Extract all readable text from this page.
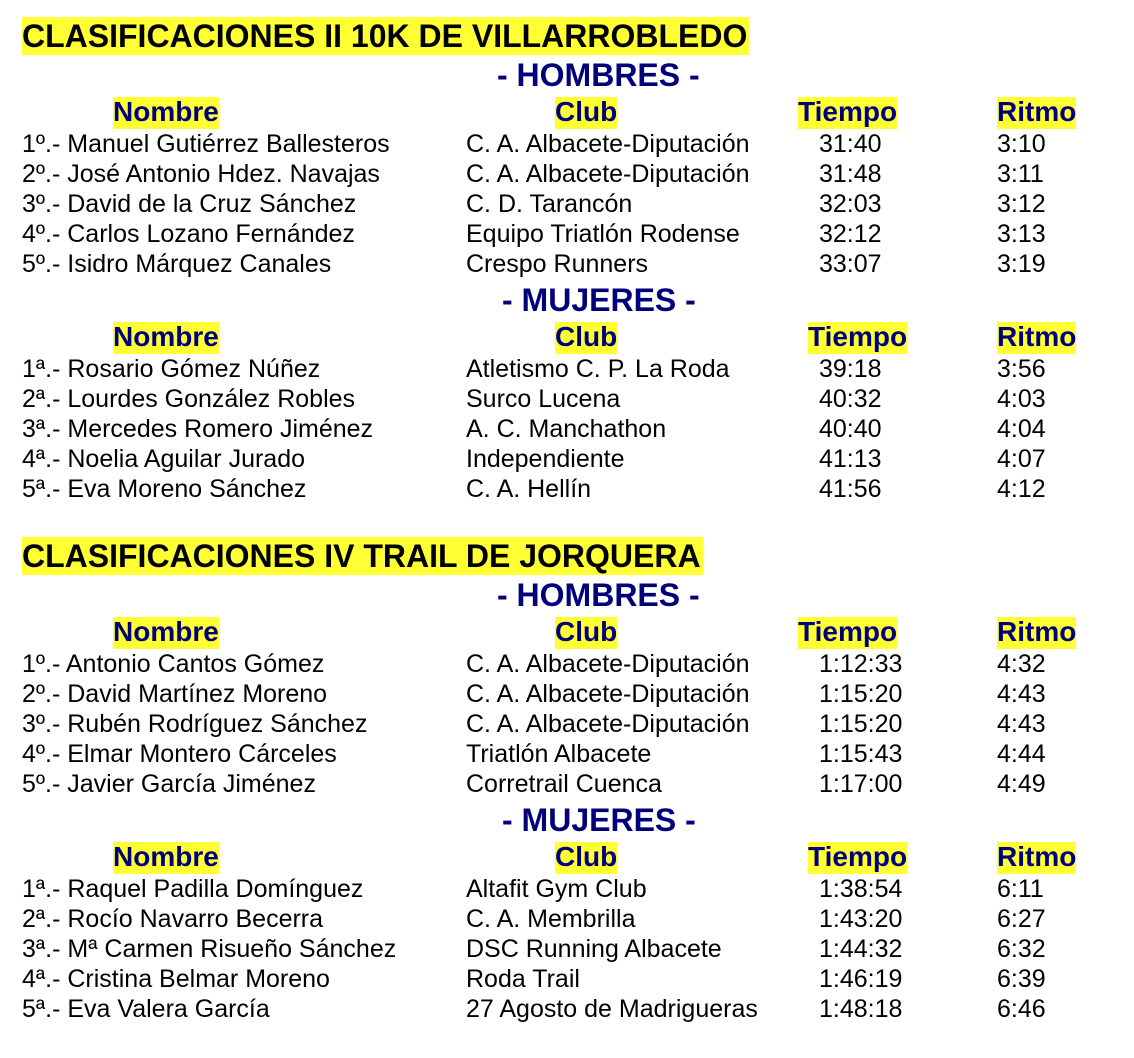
CLASIFICACIONES II 10K DE VILLARROBLEDO
- HOMBRES -
Nombre	Club	Tiempo	Ritmo
1º.- Manuel Gutiérrez Ballesteros	C. A. Albacete-Diputación	31:40	3:10
2º.- José Antonio Hdez. Navajas	C. A. Albacete-Diputación	31:48	3:11
3º.- David de la Cruz Sánchez	C. D. Tarancón	32:03	3:12
4º.- Carlos Lozano Fernández	Equipo Triatlón Rodense	32:12	3:13
5º.- Isidro Márquez Canales	Crespo Runners	33:07	3:19
- MUJERES -
Nombre	Club	Tiempo	Ritmo
1ª.- Rosario Gómez Núñez	Atletismo C. P. La Roda	39:18	3:56
2ª.- Lourdes González Robles	Surco Lucena	40:32	4:03
3ª.- Mercedes Romero Jiménez	A. C. Manchathon	40:40	4:04
4ª.- Noelia Aguilar Jurado	Independiente	41:13	4:07
5ª.- Eva Moreno Sánchez	C. A. Hellín	41:56	4:12
CLASIFICACIONES IV TRAIL DE JORQUERA
- HOMBRES -
Nombre	Club	Tiempo	Ritmo
1º.- Antonio Cantos Gómez	C. A. Albacete-Diputación	1:12:33	4:32
2º.- David Martínez Moreno	C. A. Albacete-Diputación	1:15:20	4:43
3º.- Rubén Rodríguez Sánchez	C. A. Albacete-Diputación	1:15:20	4:43
4º.- Elmar Montero Cárceles	Triatlón Albacete	1:15:43	4:44
5º.- Javier García Jiménez	Corretrail Cuenca	1:17:00	4:49
- MUJERES -
Nombre	Club	Tiempo	Ritmo
1ª.- Raquel Padilla Domínguez	Altafit Gym Club	1:38:54	6:11
2ª.- Rocío Navarro Becerra	C. A. Membrilla	1:43:20	6:27
3ª.- Mª Carmen Risueño Sánchez	DSC Running Albacete	1:44:32	6:32
4ª.- Cristina Belmar Moreno	Roda Trail	1:46:19	6:39
5ª.- Eva Valera García	27 Agosto de Madrigueras 1:48:18	6:46
